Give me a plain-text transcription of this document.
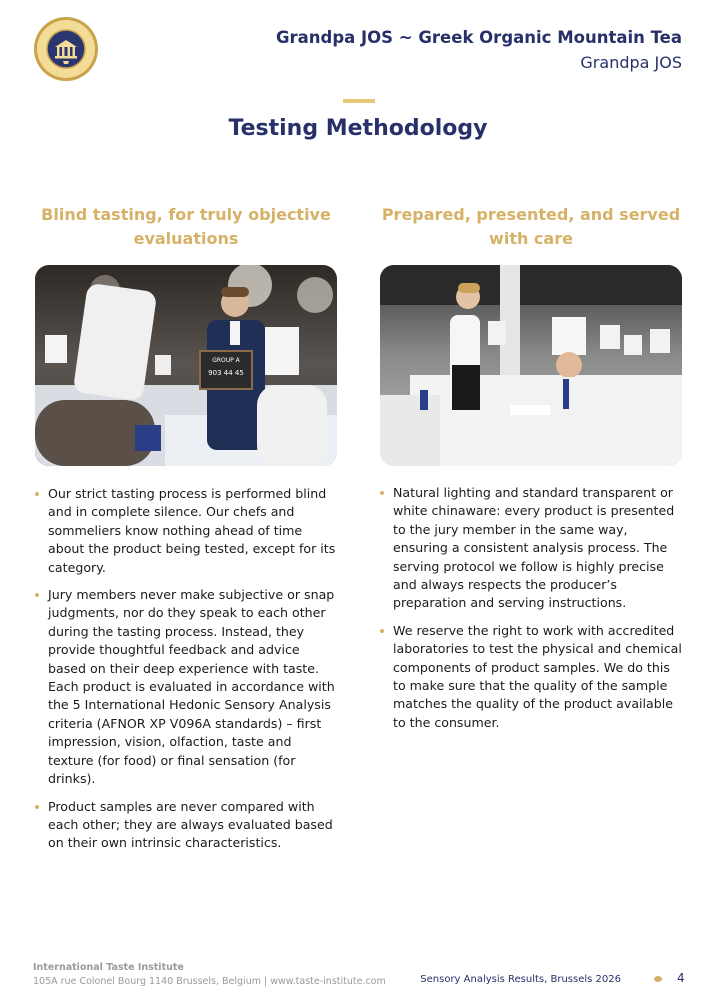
Grandpa JOS ~ Greek Organic Mountain Tea
Grandpa JOS
Testing Methodology
Blind tasting, for truly objective
evaluations
GROUP A
903 44 45
Our strict tasting process is performed blind and in complete silence. Our chefs and sommeliers know nothing ahead of time about the product being tested, except for its category.
Jury members never make subjective or snap judgments, nor do they speak to each other during the tasting process. Instead, they provide thoughtful feedback and advice based on their deep experience with taste. Each product is evaluated in accordance with the 5 International Hedonic Sensory Analysis criteria (AFNOR XP V096A standards) – first impression, vision, olfaction, taste and texture (for food) or final sensation (for drinks).
Product samples are never compared with each other; they are always evaluated based on their own intrinsic characteristics.
Prepared, presented, and served
with care
Natural lighting and standard transparent or white chinaware: every product is presented to the jury member in the same way, ensuring a consistent analysis process. The serving protocol we follow is highly precise and always respects the producer’s preparation and serving instructions.
We reserve the right to work with accredited laboratories to test the physical and chemical components of product samples. We do this to make sure that the quality of the sample matches the quality of the product available to the consumer.
International Taste Institute
105A rue Colonel Bourg 1140 Brussels, Belgium | www.taste-institute.com	Sensory Analysis Results, Brussels 2026	4
